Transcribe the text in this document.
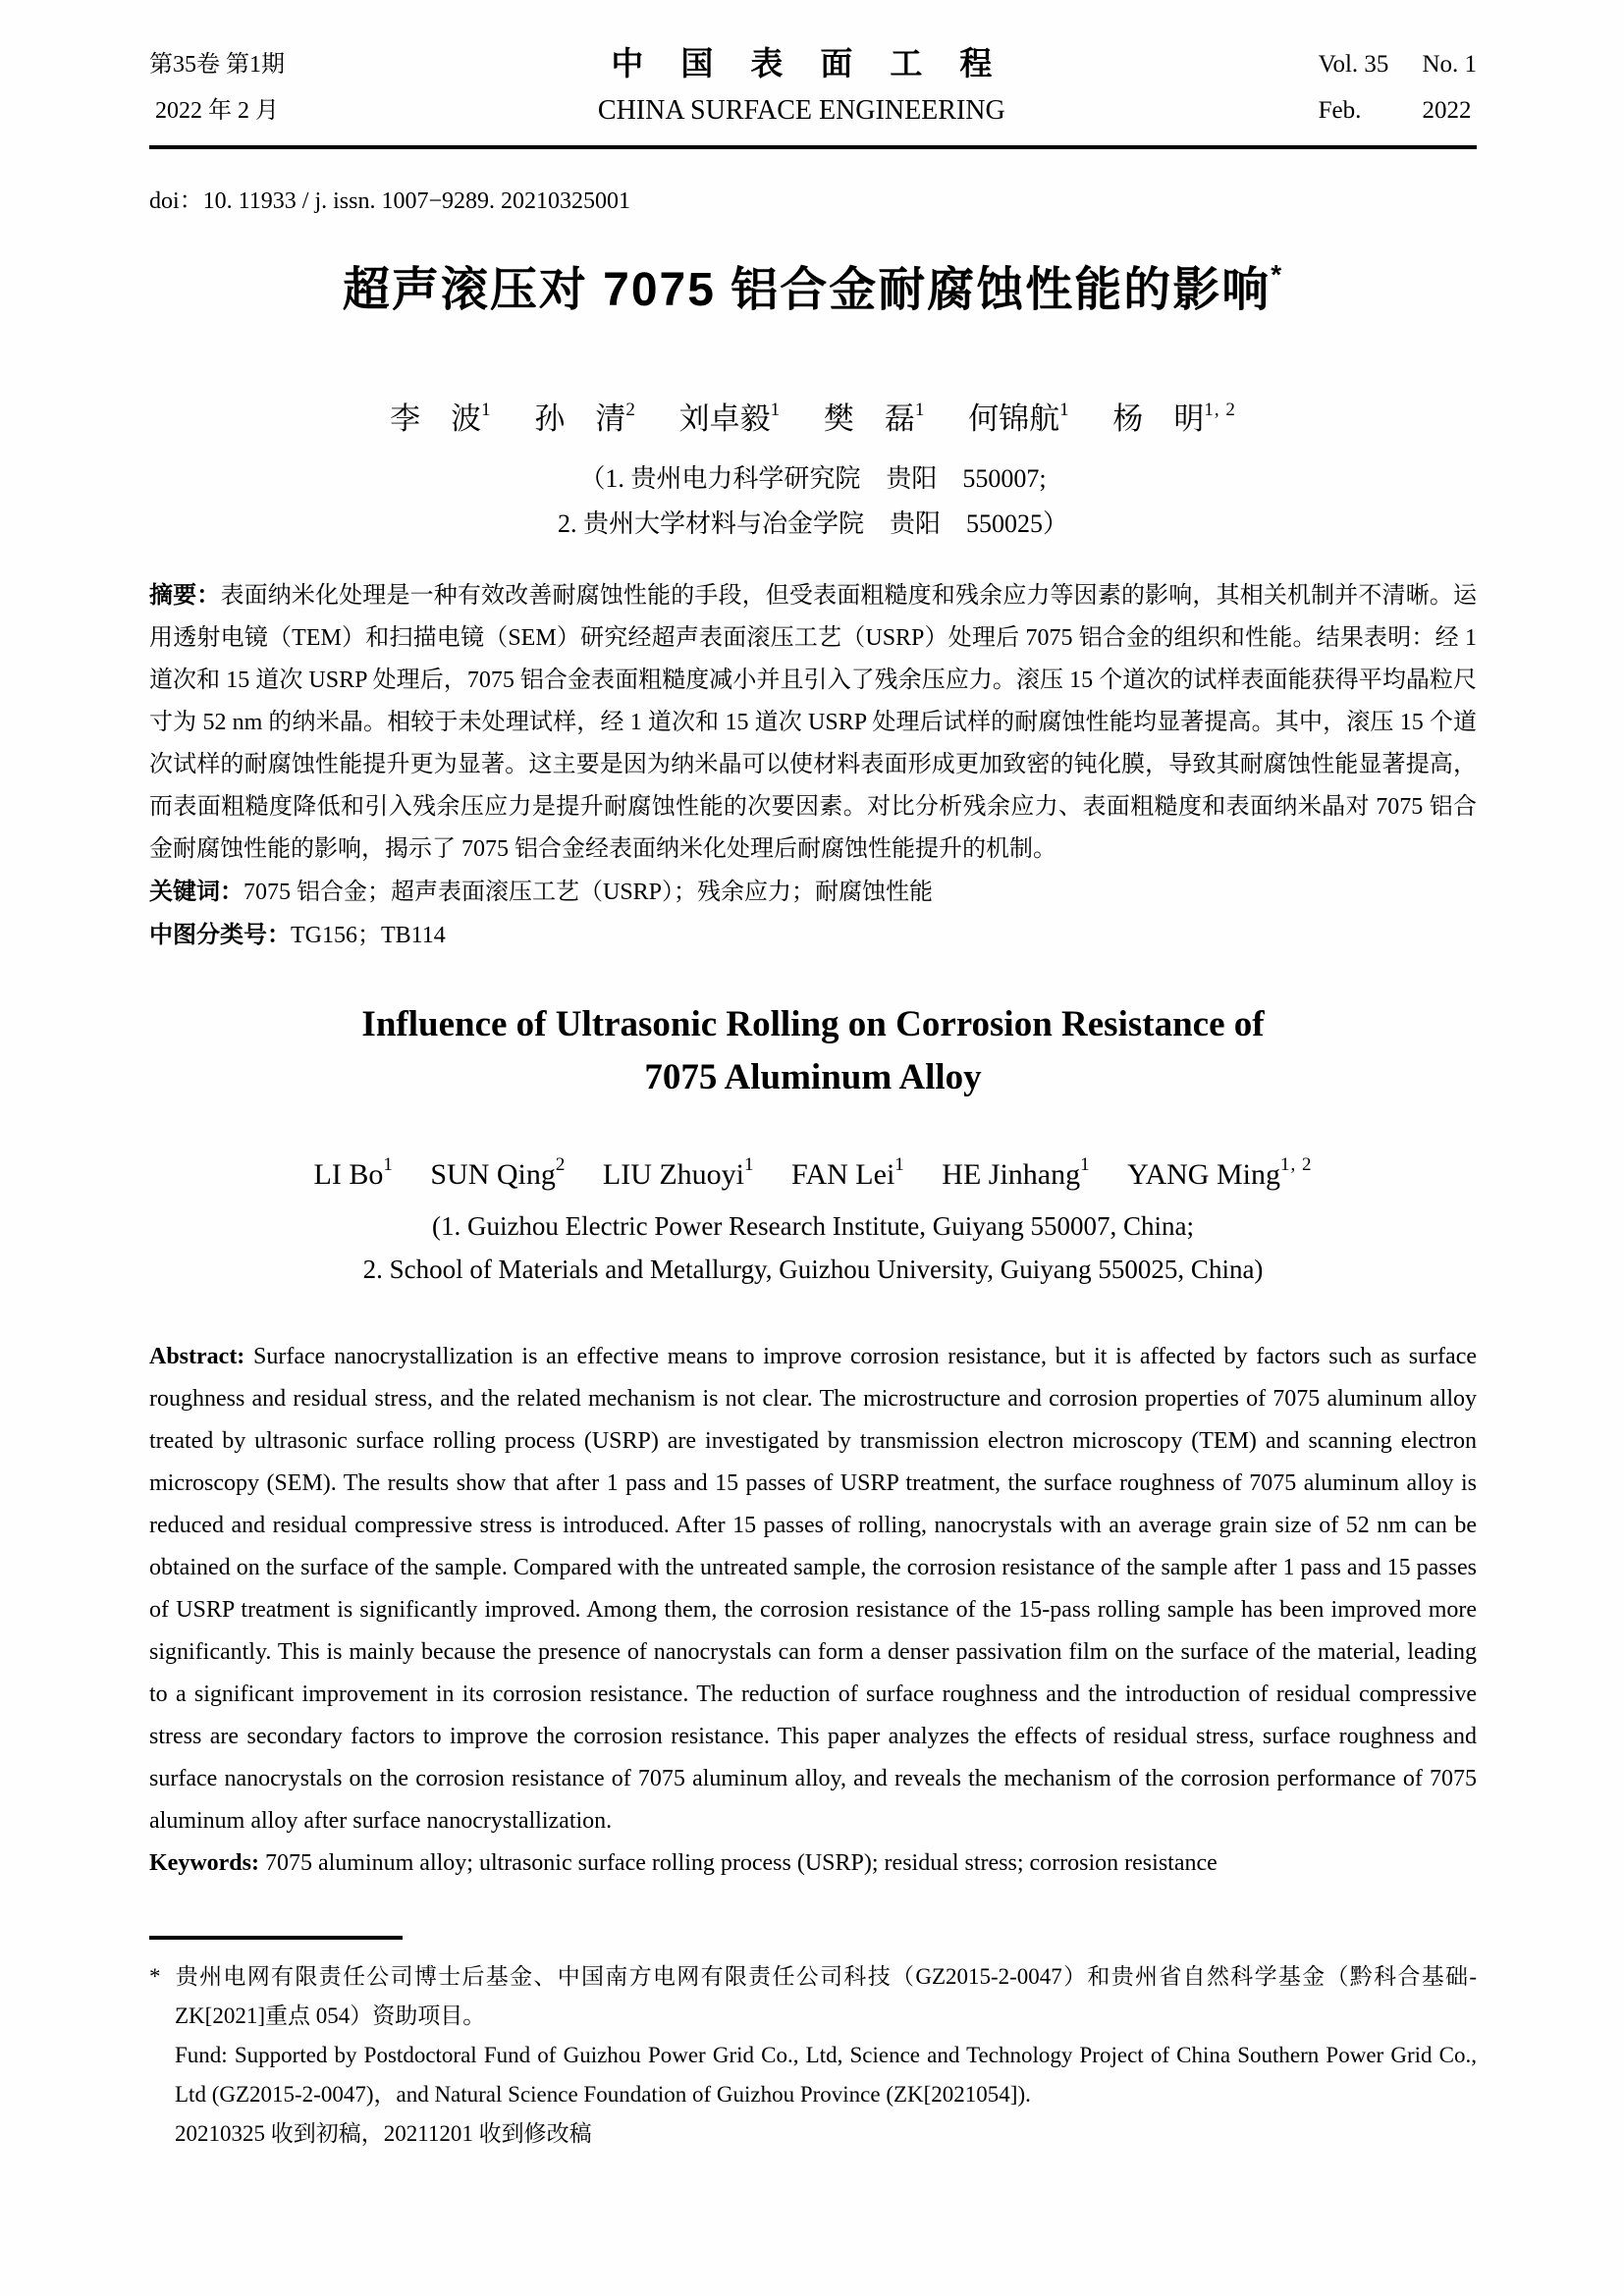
第35卷 第1期
2022 年 2 月
中国表面工程
CHINA SURFACE ENGINEERING
Vol. 35 No. 1
Feb.	2022
doi：10. 11933 / j. issn. 1007−9289. 20210325001
超声滚压对 7075 铝合金耐腐蚀性能的影响*
李　波$^1$ 孙　清$^2$ 刘卓毅$^1$ 樊　磊$^1$ 何锦航$^1$ 杨　明$^{1, 2}$
（1. 贵州电力科学研究院　贵阳　550007;
2. 贵州大学材料与冶金学院　贵阳　550025）

摘要：表面纳米化处理是一种有效改善耐腐蚀性能的手段，但受表面粗糙度和残余应力等因素的影响，其相关机制并不清晰。运用透射电镜（TEM）和扫描电镜（SEM）研究经超声表面滚压工艺（USRP）处理后 7075 铝合金的组织和性能。结果表明：经 1 道次和 15 道次 USRP 处理后，7075 铝合金表面粗糙度减小并且引入了残余压应力。滚压 15 个道次的试样表面能获得平均晶粒尺寸为 52 nm 的纳米晶。相较于未处理试样，经 1 道次和 15 道次 USRP 处理后试样的耐腐蚀性能均显著提高。其中，滚压 15 个道次试样的耐腐蚀性能提升更为显著。这主要是因为纳米晶可以使材料表面形成更加致密的钝化膜，导致其耐腐蚀性能显著提高，而表面粗糙度降低和引入残余压应力是提升耐腐蚀性能的次要因素。对比分析残余应力、表面粗糙度和表面纳米晶对 7075 铝合金耐腐蚀性能的影响，揭示了 7075 铝合金经表面纳米化处理后耐腐蚀性能提升的机制。

关键词：7075 铝合金；超声表面滚压工艺（USRP）；残余应力；耐腐蚀性能

中图分类号：TG156；TB114

Influence of Ultrasonic Rolling on Corrosion Resistance of
7075 Aluminum Alloy
LI Bo$^1$ SUN Qing$^2$ LIU Zhuoyi$^1$ FAN Lei$^1$ HE Jinhang$^1$ YANG Ming$^{1, 2}$
(1. Guizhou Electric Power Research Institute, Guiyang 550007, China;
2. School of Materials and Metallurgy, Guizhou University, Guiyang 550025, China)

Abstract: Surface nanocrystallization is an effective means to improve corrosion resistance, but it is affected by factors such as surface roughness and residual stress, and the related mechanism is not clear. The microstructure and corrosion properties of 7075 aluminum alloy treated by ultrasonic surface rolling process (USRP) are investigated by transmission electron microscopy (TEM) and scanning electron microscopy (SEM). The results show that after 1 pass and 15 passes of USRP treatment, the surface roughness of 7075 aluminum alloy is reduced and residual compressive stress is introduced. After 15 passes of rolling, nanocrystals with an average grain size of 52 nm can be obtained on the surface of the sample. Compared with the untreated sample, the corrosion resistance of the sample after 1 pass and 15 passes of USRP treatment is significantly improved. Among them, the corrosion resistance of the 15-pass rolling sample has been improved more significantly. This is mainly because the presence of nanocrystals can form a denser passivation film on the surface of the material, leading to a significant improvement in its corrosion resistance. The reduction of surface roughness and the introduction of residual compressive stress are secondary factors to improve the corrosion resistance. This paper analyzes the effects of residual stress, surface roughness and surface nanocrystals on the corrosion resistance of 7075 aluminum alloy, and reveals the mechanism of the corrosion performance of 7075 aluminum alloy after surface nanocrystallization.

Keywords: 7075 aluminum alloy; ultrasonic surface rolling process (USRP); residual stress; corrosion resistance

* 贵州电网有限责任公司博士后基金、中国南方电网有限责任公司科技（GZ2015-2-0047）和贵州省自然科学基金（黔科合基础-ZK[2021]重点 054）资助项目。

Fund: Supported by Postdoctoral Fund of Guizhou Power Grid Co., Ltd, Science and Technology Project of China Southern Power Grid Co., Ltd (GZ2015-2-0047)，and Natural Science Foundation of Guizhou Province (ZK[2021054]).

20210325 收到初稿，20211201 收到修改稿
